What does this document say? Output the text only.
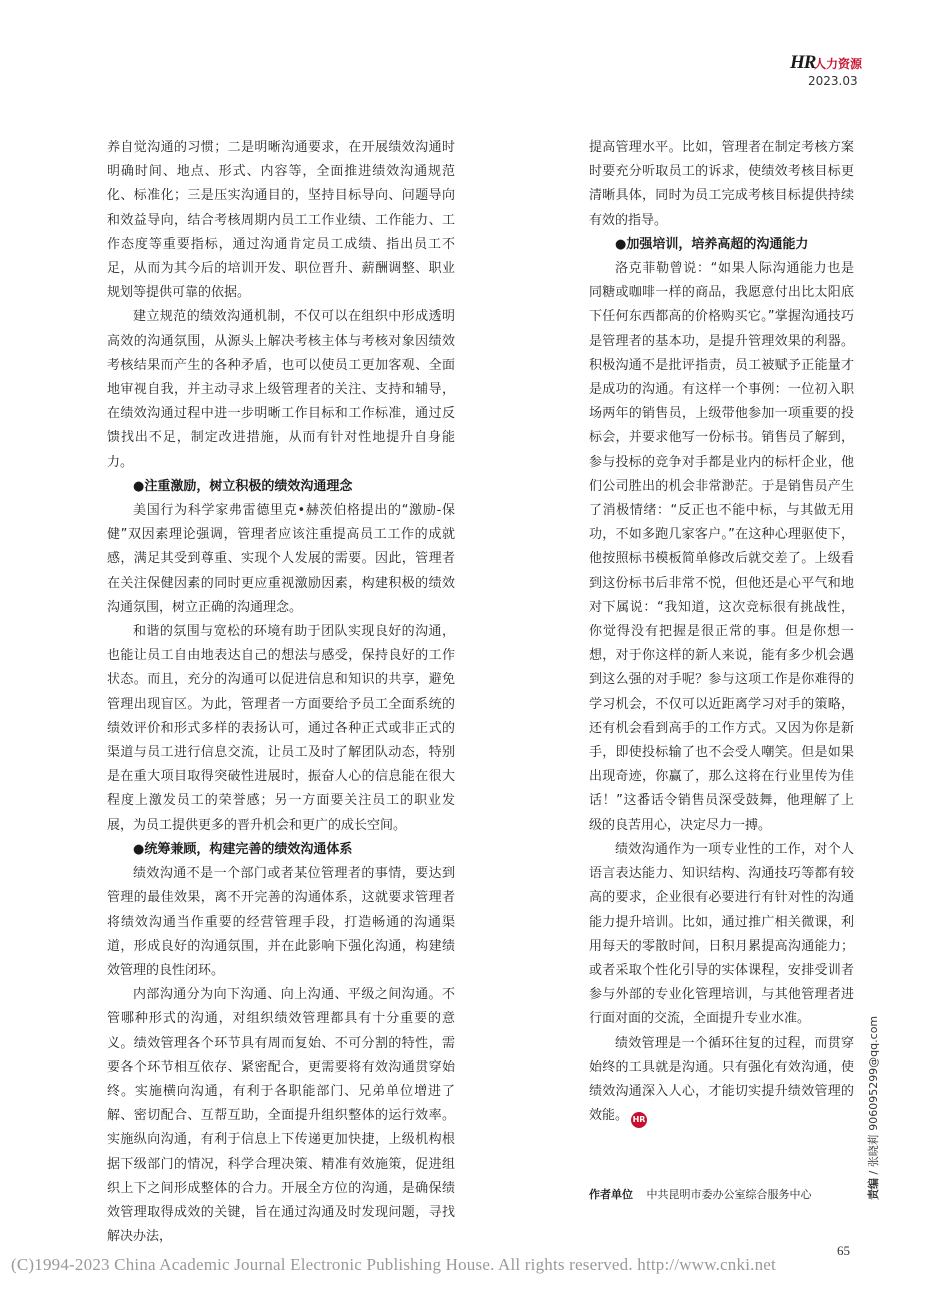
HR
人力资源
2023.03

养自觉沟通的习惯；二是明晰沟通要求，在开展绩效沟通时明确时间、地点、形式、内容等，全面推进绩效沟通规范化、标准化；三是压实沟通目的，坚持目标导向、问题导向和效益导向，结合考核周期内员工工作业绩、工作能力、工作态度等重要指标，通过沟通肯定员工成绩、指出员工不足，从而为其今后的培训开发、职位晋升、薪酬调整、职业规划等提供可靠的依据。

建立规范的绩效沟通机制，不仅可以在组织中形成透明高效的沟通氛围，从源头上解决考核主体与考核对象因绩效考核结果而产生的各种矛盾，也可以使员工更加客观、全面地审视自我，并主动寻求上级管理者的关注、支持和辅导，在绩效沟通过程中进一步明晰工作目标和工作标准，通过反馈找出不足，制定改进措施，从而有针对性地提升自身能力。

●注重激励，树立积极的绩效沟通理念

美国行为科学家弗雷德里克•赫茨伯格提出的“激励-保健”双因素理论强调，管理者应该注重提高员工工作的成就感，满足其受到尊重、实现个人发展的需要。因此，管理者在关注保健因素的同时更应重视激励因素，构建积极的绩效沟通氛围，树立正确的沟通理念。

和谐的氛围与宽松的环境有助于团队实现良好的沟通，也能让员工自由地表达自己的想法与感受，保持良好的工作状态。而且，充分的沟通可以促进信息和知识的共享，避免管理出现盲区。为此，管理者一方面要给予员工全面系统的绩效评价和形式多样的表扬认可，通过各种正式或非正式的渠道与员工进行信息交流，让员工及时了解团队动态，特别是在重大项目取得突破性进展时，振奋人心的信息能在很大程度上激发员工的荣誉感；另一方面要关注员工的职业发展，为员工提供更多的晋升机会和更广的成长空间。

●统筹兼顾，构建完善的绩效沟通体系

绩效沟通不是一个部门或者某位管理者的事情，要达到管理的最佳效果，离不开完善的沟通体系，这就要求管理者将绩效沟通当作重要的经营管理手段，打造畅通的沟通渠道，形成良好的沟通氛围，并在此影响下强化沟通，构建绩效管理的良性闭环。

内部沟通分为向下沟通、向上沟通、平级之间沟通。不管哪种形式的沟通，对组织绩效管理都具有十分重要的意义。绩效管理各个环节具有周而复始、不可分割的特性，需要各个环节相互依存、紧密配合，更需要将有效沟通贯穿始终。实施横向沟通，有利于各职能部门、兄弟单位增进了解、密切配合、互帮互助，全面提升组织整体的运行效率。实施纵向沟通，有利于信息上下传递更加快捷，上级机构根据下级部门的情况，科学合理决策、精准有效施策，促进组织上下之间形成整体的合力。开展全方位的沟通，是确保绩效管理取得成效的关键，旨在通过沟通及时发现问题，寻找解决办法，

提高管理水平。比如，管理者在制定考核方案时要充分听取员工的诉求，使绩效考核目标更清晰具体，同时为员工完成考核目标提供持续有效的指导。

●加强培训，培养高超的沟通能力

洛克菲勒曾说：“如果人际沟通能力也是同糖或咖啡一样的商品，我愿意付出比太阳底下任何东西都高的价格购买它。”掌握沟通技巧是管理者的基本功，是提升管理效果的利器。积极沟通不是批评指责，员工被赋予正能量才是成功的沟通。有这样一个事例：一位初入职场两年的销售员，上级带他参加一项重要的投标会，并要求他写一份标书。销售员了解到，参与投标的竞争对手都是业内的标杆企业，他们公司胜出的机会非常渺茫。于是销售员产生了消极情绪：“反正也不能中标，与其做无用功，不如多跑几家客户。”在这种心理驱使下，他按照标书模板简单修改后就交差了。上级看到这份标书后非常不悦，但他还是心平气和地对下属说：“我知道，这次竞标很有挑战性，你觉得没有把握是很正常的事。但是你想一想，对于你这样的新人来说，能有多少机会遇到这么强的对手呢？参与这项工作是你难得的学习机会，不仅可以近距离学习对手的策略，还有机会看到高手的工作方式。又因为你是新手，即使投标输了也不会受人嘲笑。但是如果出现奇迹，你赢了，那么这将在行业里传为佳话！”这番话令销售员深受鼓舞，他理解了上级的良苦用心，决定尽力一搏。

绩效沟通作为一项专业性的工作，对个人语言表达能力、知识结构、沟通技巧等都有较高的要求，企业很有必要进行有针对性的沟通能力提升培训。比如，通过推广相关微课，利用每天的零散时间，日积月累提高沟通能力；或者采取个性化引导的实体课程，安排受训者参与外部的专业化管理培训，与其他管理者进行面对面的交流，全面提升专业水准。

绩效管理是一个循环往复的过程，而贯穿始终的工具就是沟通。只有强化有效沟通，使绩效沟通深入人心，才能切实提升绩效管理的效能。 HR

作者单位 中共昆明市委办公室综合服务中心	责编 / 张晓莉 906095299@qq.com
65
(C)1994-2023 China Academic Journal Electronic Publishing House. All rights reserved. http://www.cnki.net
